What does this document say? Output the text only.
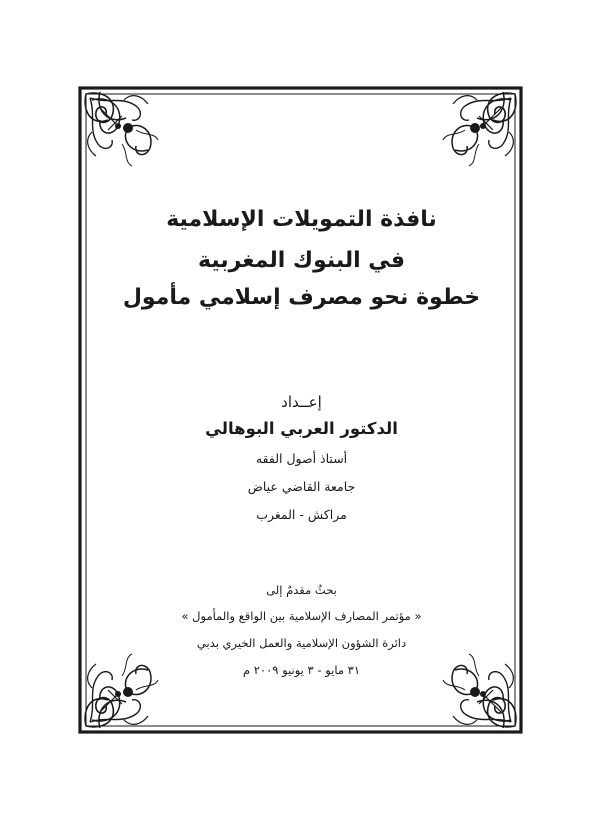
نافذة التمويلات الإسلامية

في البنوك المغربية

خطوة نحو مصرف إسلامي مأمول

إعــداد

الدكتور العربي البوهالي

أستاذ أصول الفقه

جامعة القاضي عياض

مراكش - المغرب

بحثُ مقدمٌ إلى

« مؤتمر المصارف الإسلامية بين الواقع والمأمول »

دائرة الشؤون الإسلامية والعمل الخيري بدبي

٣١ مايو - ٣ يونيو ٢٠٠٩ م
